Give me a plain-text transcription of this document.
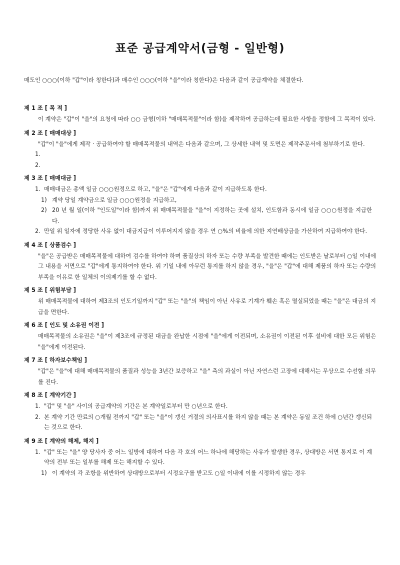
표준 공급계약서(금형 - 일반형)
매도인 ○○○(이하 "갑"이라 칭한다)과 매수인 ○○○(이하 "을"이라 칭한다)은 다음과 같이 공급계약을 체결한다.
제 1 조 [ 목 적 ]
이 계약은 "갑"이 "을"의 요청에 따라 ○○ 금형(이하 "매매목적물"이라 함)을 제작하여 공급하는데 필요한 사항을 정함에 그 목적이 있다.
제 2 조 [ 매매대상 ]
"갑"이 "을"에게 제작 · 공급하여야 할 매매목적물의 내역은 다음과 같으며, 그 상세한 내역 및 도면은 제작주문서에 첨부하기로 한다.
1.
2.
제 3 조 [ 매매대금 ]
1. 매매대금은 총액 일금 ○○○원정으로 하고, "을"은 "갑"에게 다음과 같이 지급하도록 한다.
1) 계약 당일 계약금으로 일금 ○○○원정을 지급하고,
2) 20 년 월 일(이하 "인도일"이라 함)까지 위 매매목적물을 "을"이 지정하는 곳에 설치, 인도함과 동시에 일금 ○○○원정을 지급한다.
2. 만일 위 일자에 정당한 사유 없이 대금지급이 이루어지지 않을 경우 연 ○%의 비율에 의한 지연배상금을 가산하여 지급하여야 한다.
제 4 조 [ 상품검수 ]
"을"은 공급받은 매매목적물에 대하여 검수를 하여야 하며 품질상의 하자 또는 수량 부족을 발견한 때에는 인도받은 날로부터 ○일 이내에 그 내용을 서면으로 "갑"에게 통지하여야 한다. 위 기일 내에 아무런 통지를 하지 않을 경우, "을"은 "갑"에 대해 제품의 하자 또는 수량의 부족을 이유로 한 일체의 이의제기를 할 수 없다.
제 5 조 [ 위험부담 ]
위 매매목적물에 대하여 제3조의 인도기일까지 "갑" 또는 "을"의 책임이 아닌 사유로 기계가 훼손 혹은 멸실되었을 때는 "을"은 대금의 지급을 면한다.
제 6 조 [ 인도 및 소유권 이전 ]
매매목적물의 소유권은 "을"이 제3조에 규정된 대금을 완납한 시점에 "을"에게 이전되며, 소유권이 이전된 이후 설비에 대한 모든 위험은 "을"에게 이전된다.
제 7 조 [ 하자보수책임 ]
"갑"은 "을"에 대해 매매목적물의 품질과 성능을 3년간 보증하고 "을" 측의 과실이 아닌 자연스런 고장에 대해서는 무상으로 수선할 의무를 진다.
제 8 조 [ 계약기간 ]
1. "갑" 및 "을" 사이의 공급계약의 기간은 본 계약일로부터 만 ○년으로 한다.
2. 본 계약 기간 만료의 ○개월 전까지 "갑" 또는 "을"이 갱신 거절의 의사표시를 하지 않을 때는 본 계약은 동일 조건 하에 ○년간 갱신되는 것으로 한다.
제 9 조 [ 계약의 해제, 해지 ]
1. "갑" 또는 "을" 양 당사자 중 어느 일방에 대하여 다음 각 호의 어느 하나에 해당하는 사유가 발생한 경우, 상대방은 서면 통지로 이 계약의 전부 또는 일부를 해제 또는 해지할 수 있다.
1) 이 계약의 각 조항을 위반하여 상대방으로부터 시정요구를 받고도 ○일 이내에 이를 시정하지 않는 경우
